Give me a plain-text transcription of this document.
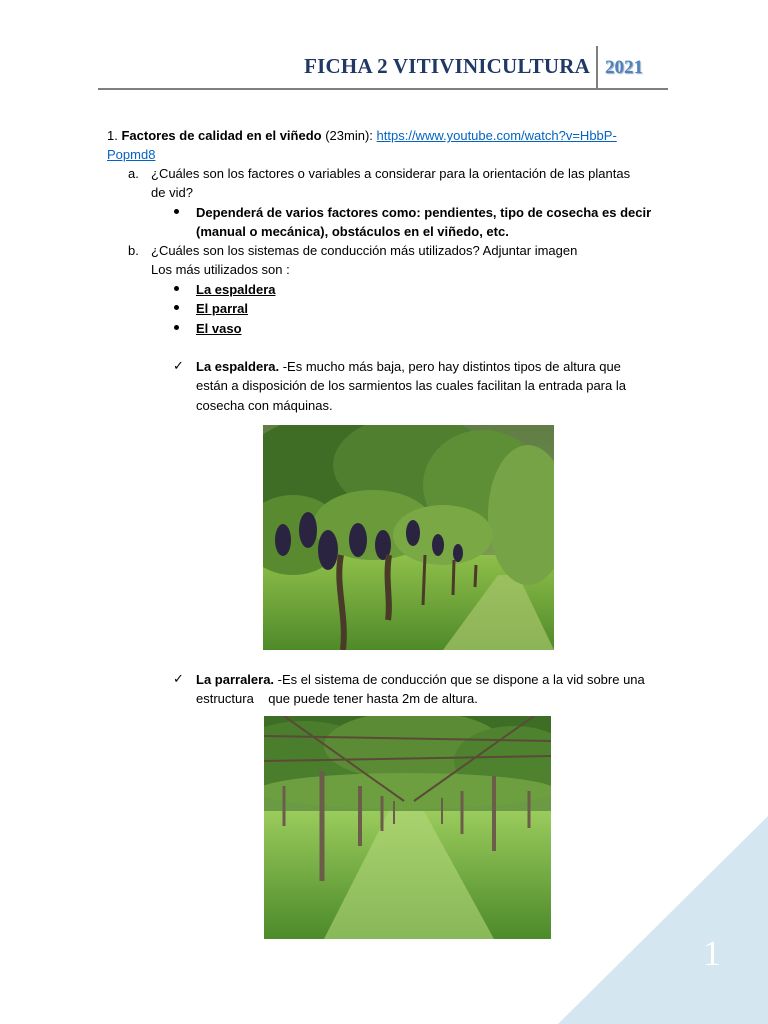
FICHA 2 VITIVINICULTURA 2021
1. Factores de calidad en el viñedo (23min): https://www.youtube.com/watch?v=HbbP-
Popmd8
a. ¿Cuáles son los factores o variables a considerar para la orientación de las plantas
de vid?
Dependerá de varios factores como: pendientes, tipo de cosecha es decir
(manual o mecánica), obstáculos en el viñedo, etc.
b. ¿Cuáles son los sistemas de conducción más utilizados? Adjuntar imagen
Los más utilizados son :
La espaldera
El parral
El vaso
✓ La espaldera. -Es mucho más baja, pero hay distintos tipos de altura que
están a disposición de los sarmientos las cuales facilitan la entrada para la
cosecha con máquinas.
✓ La parralera. -Es el sistema de conducción que se dispone a la vid sobre una
estructura    que puede tener hasta 2m de altura.
1
